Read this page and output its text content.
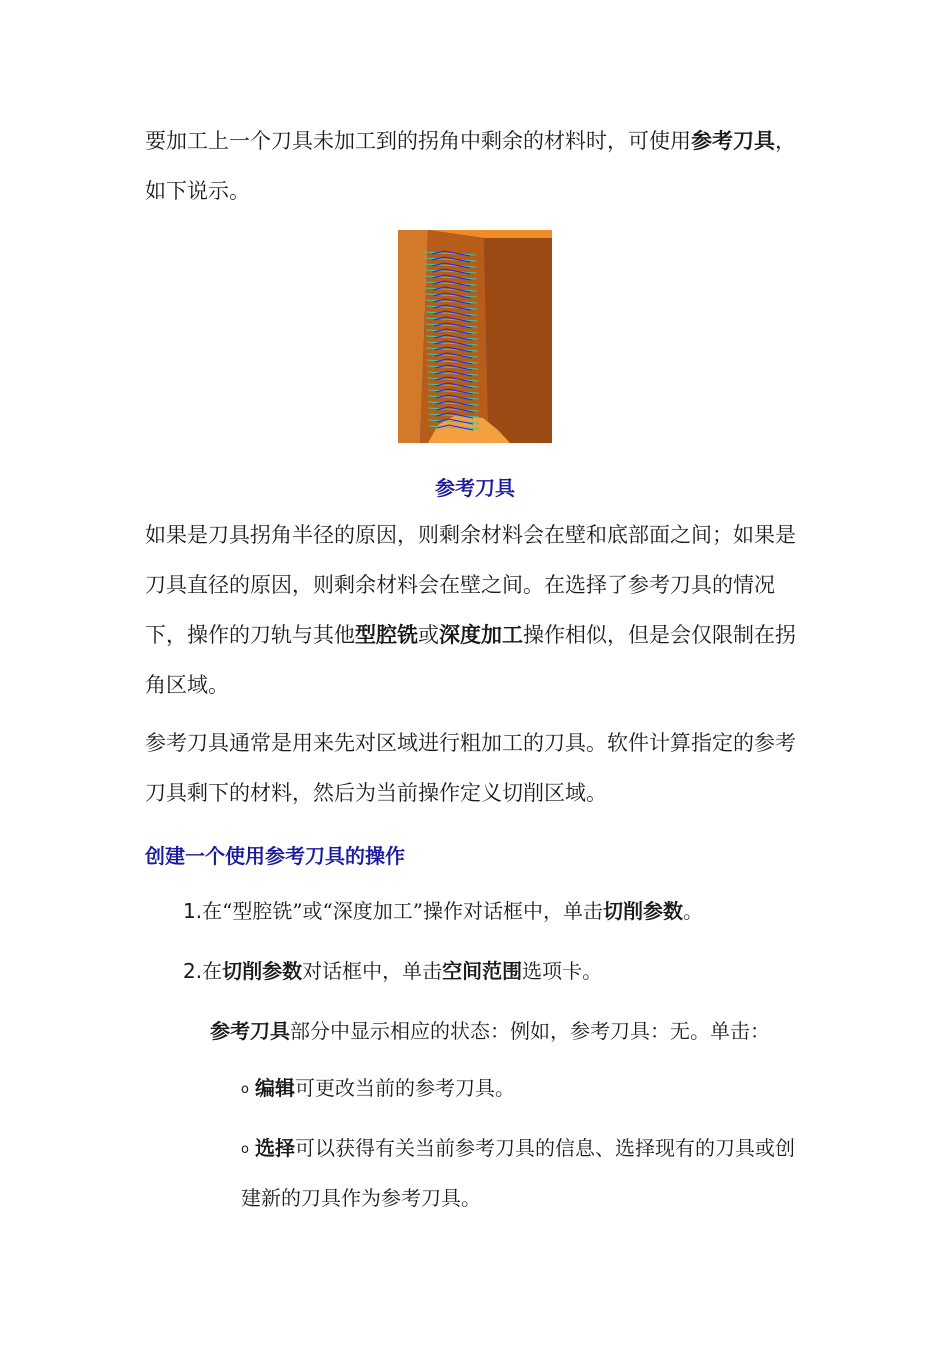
要加工上一个刀具未加工到的拐角中剩余的材料时，可使用参考刀具，如下说示。

参考刀具

如果是刀具拐角半径的原因，则剩余材料会在壁和底部面之间；如果是刀具直径的原因，则剩余材料会在壁之间。在选择了参考刀具的情况下，操作的刀轨与其他型腔铣或深度加工操作相似，但是会仅限制在拐角区域。

参考刀具通常是用来先对区域进行粗加工的刀具。软件计算指定的参考刀具剩下的材料，然后为当前操作定义切削区域。

创建一个使用参考刀具的操作

1.在“型腔铣”或“深度加工”操作对话框中，单击切削参数。

2.在切削参数对话框中，单击空间范围选项卡。

参考刀具部分中显示相应的状态：例如，参考刀具：无。单击：

o 编辑可更改当前的参考刀具。

o 选择可以获得有关当前参考刀具的信息、选择现有的刀具或创建新的刀具作为参考刀具。
